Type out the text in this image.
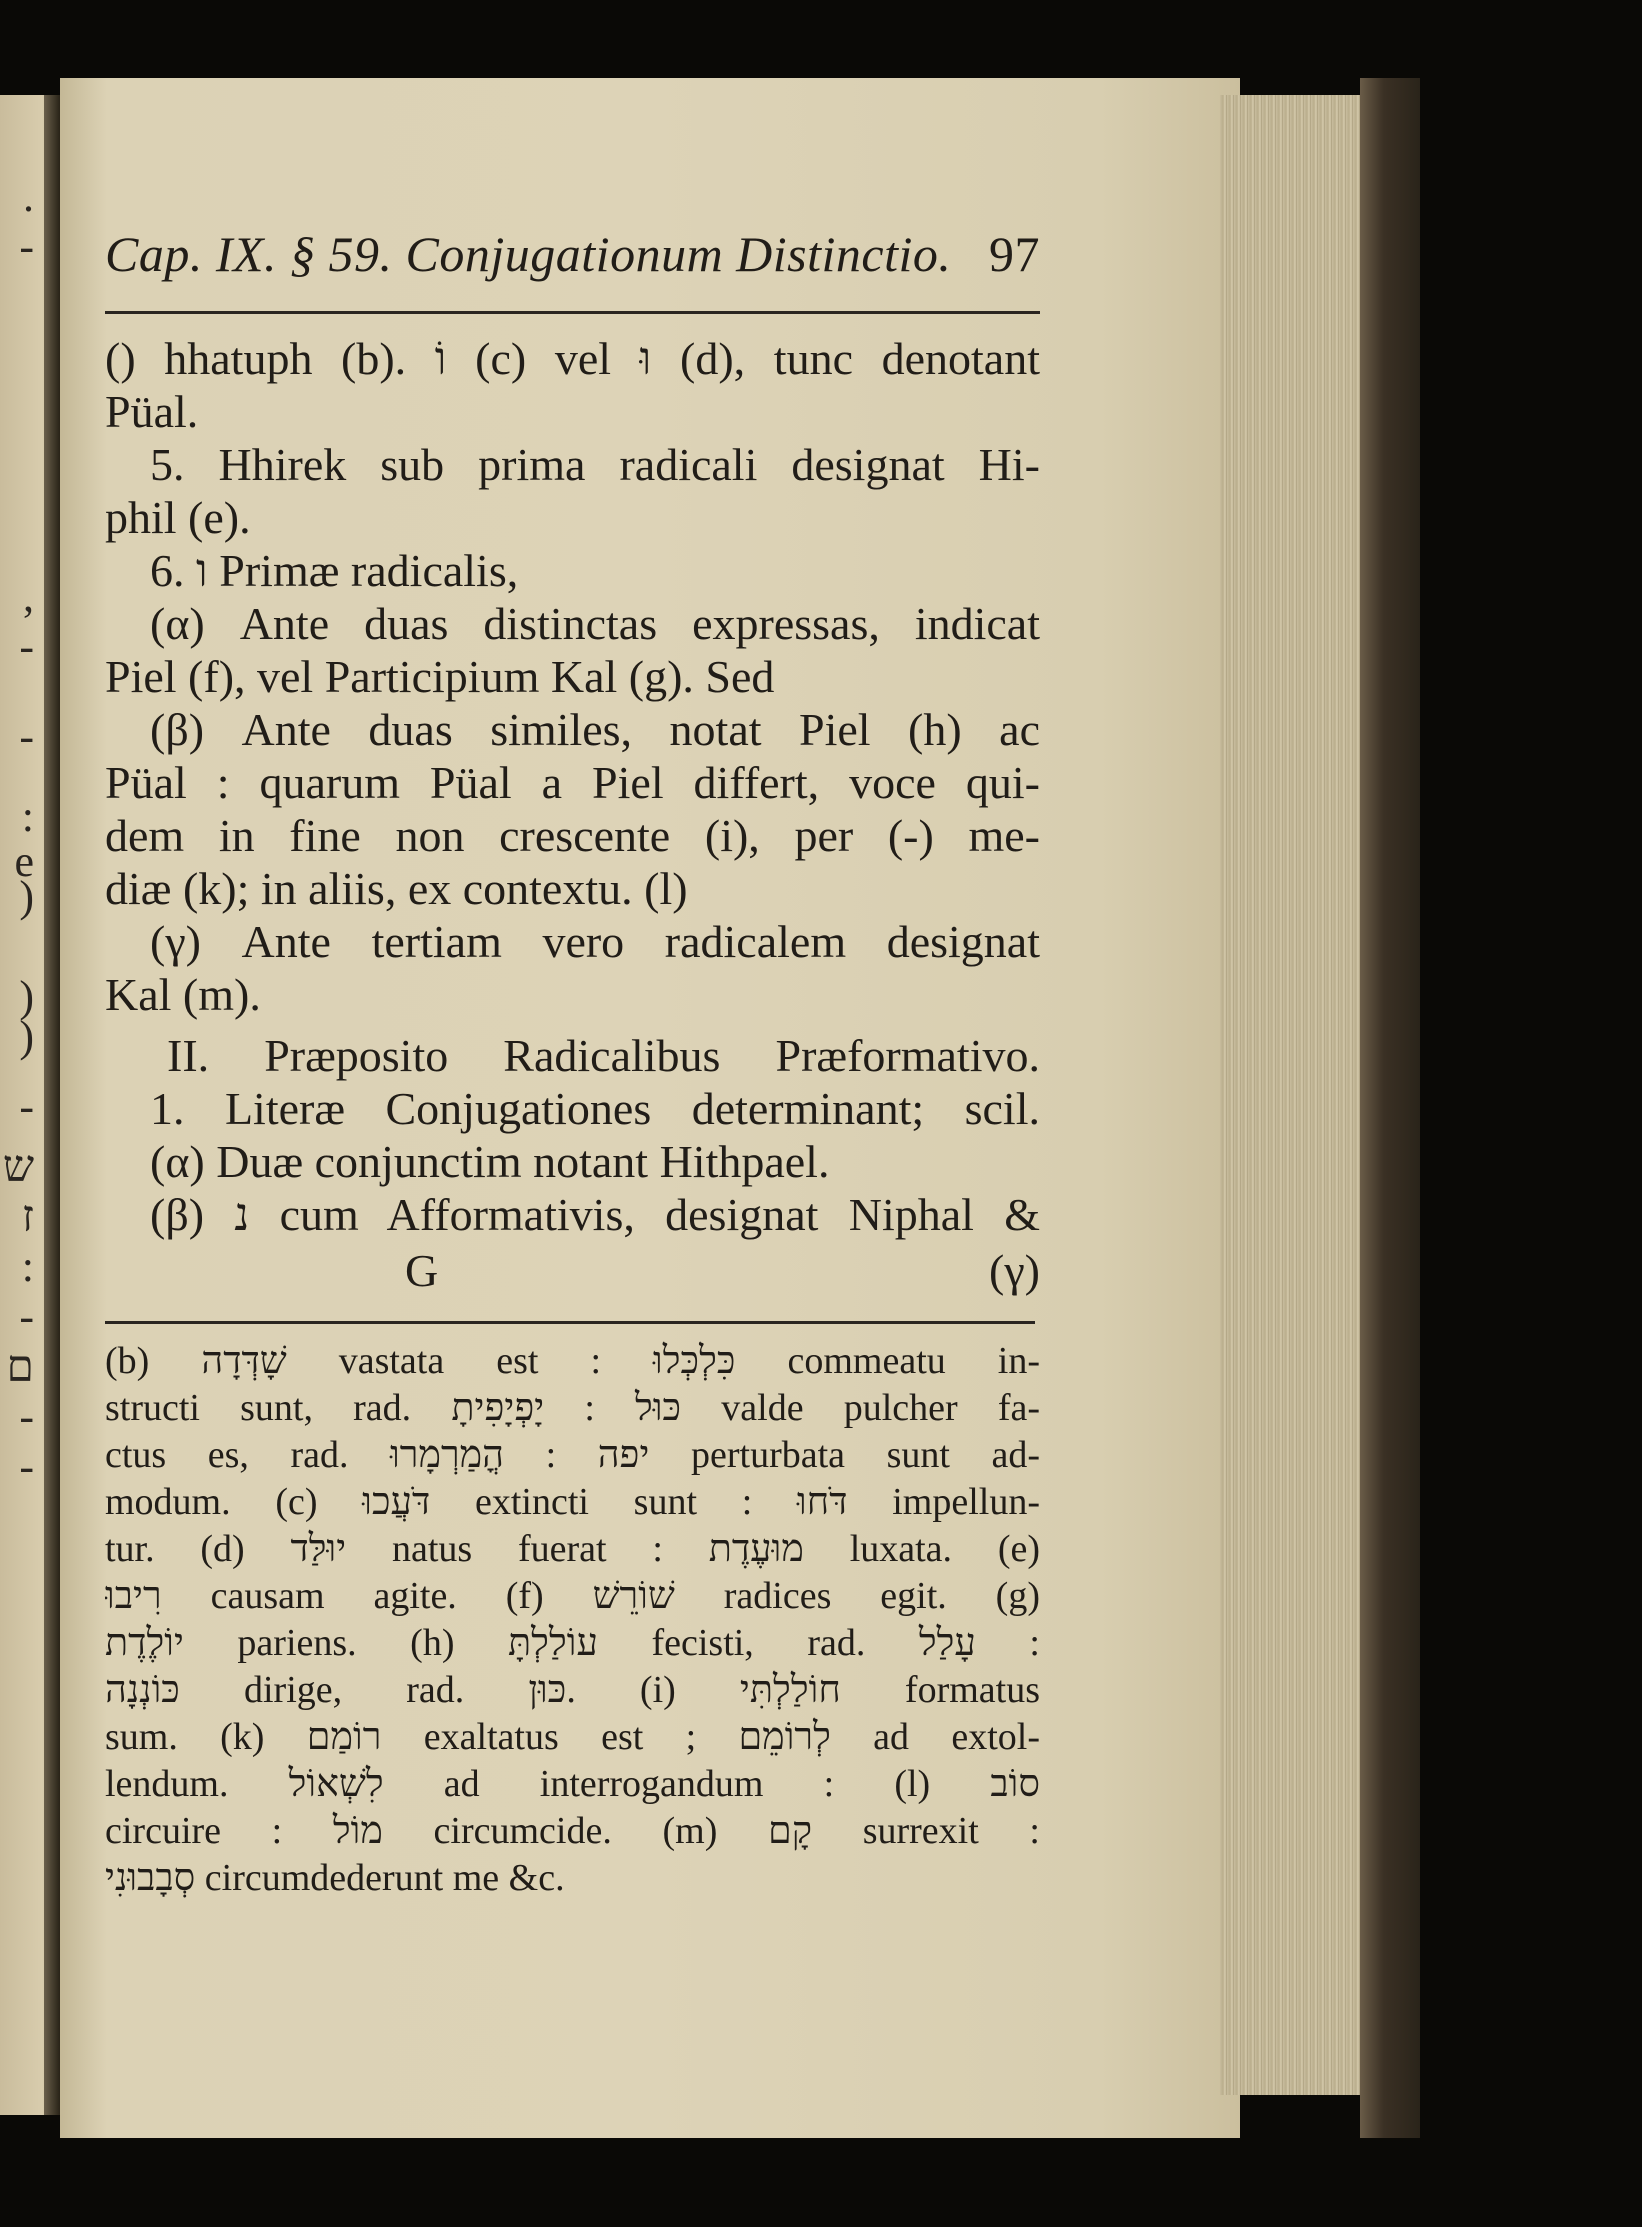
.
-
,
-
-
:
e
)
)
)
-
ש
ז
:
-
ם
-
-
Cap. IX. § 59. Conjugationum Distinctio. 97
() hhatuph (b). וֹ (c) vel וּ (d), tunc denotant
Püal.
5. Hhirek sub prima radicali designat Hi-
phil (e).
6. ו Primæ radicalis,
(α) Ante duas distinctas expressas, indicat
Piel (f), vel Participium Kal (g). Sed
(β) Ante duas similes, notat Piel (h) ac
Püal : quarum Püal a Piel differt, voce qui-
dem in fine non crescente (i), per (-) me-
diæ (k); in aliis, ex contextu. (l)
(γ) Ante tertiam vero radicalem designat
Kal (m).
II. Præposito Radicalibus Præformativo.
1. Literæ Conjugationes determinant; scil.
(α) Duæ conjunctim notant Hithpael.
(β) נ cum Afformativis, designat Niphal &
G	(γ)
(b) שָׁדְּדָה vastata est : כִּלְכְּלוּ commeatu in-
structi sunt, rad. כּוּל : יָפְיָפִיתָ valde pulcher fa-
ctus es, rad. יפה : הֳמַרְמָרוּ perturbata sunt ad-
modum. (c) דֹּעֲכוּ extincti sunt : דֹּחוּ impellun-
tur. (d) יוּלַּד natus fuerat : מוּעֶדֶת luxata. (e)
רִיבוּ causam agite. (f) שׁוֹרֵשׁ radices egit. (g)
יוֹלֶדֶת pariens. (h) עוֹלַלְתָּ fecisti, rad. עָלַל :
כּוֹנְנָה dirige, rad. כּוּן. (i) חוֹלַלְתִּי formatus
sum. (k) רוֹמַם exaltatus est ; לְרוֹמֵם ad extol-
lendum. לִשְׁאוֹל ad interrogandum : (l) סוֹב
circuire : מוֹל circumcide. (m) קָם surrexit :
סְבָבוּנִי circumdederunt me &c.
